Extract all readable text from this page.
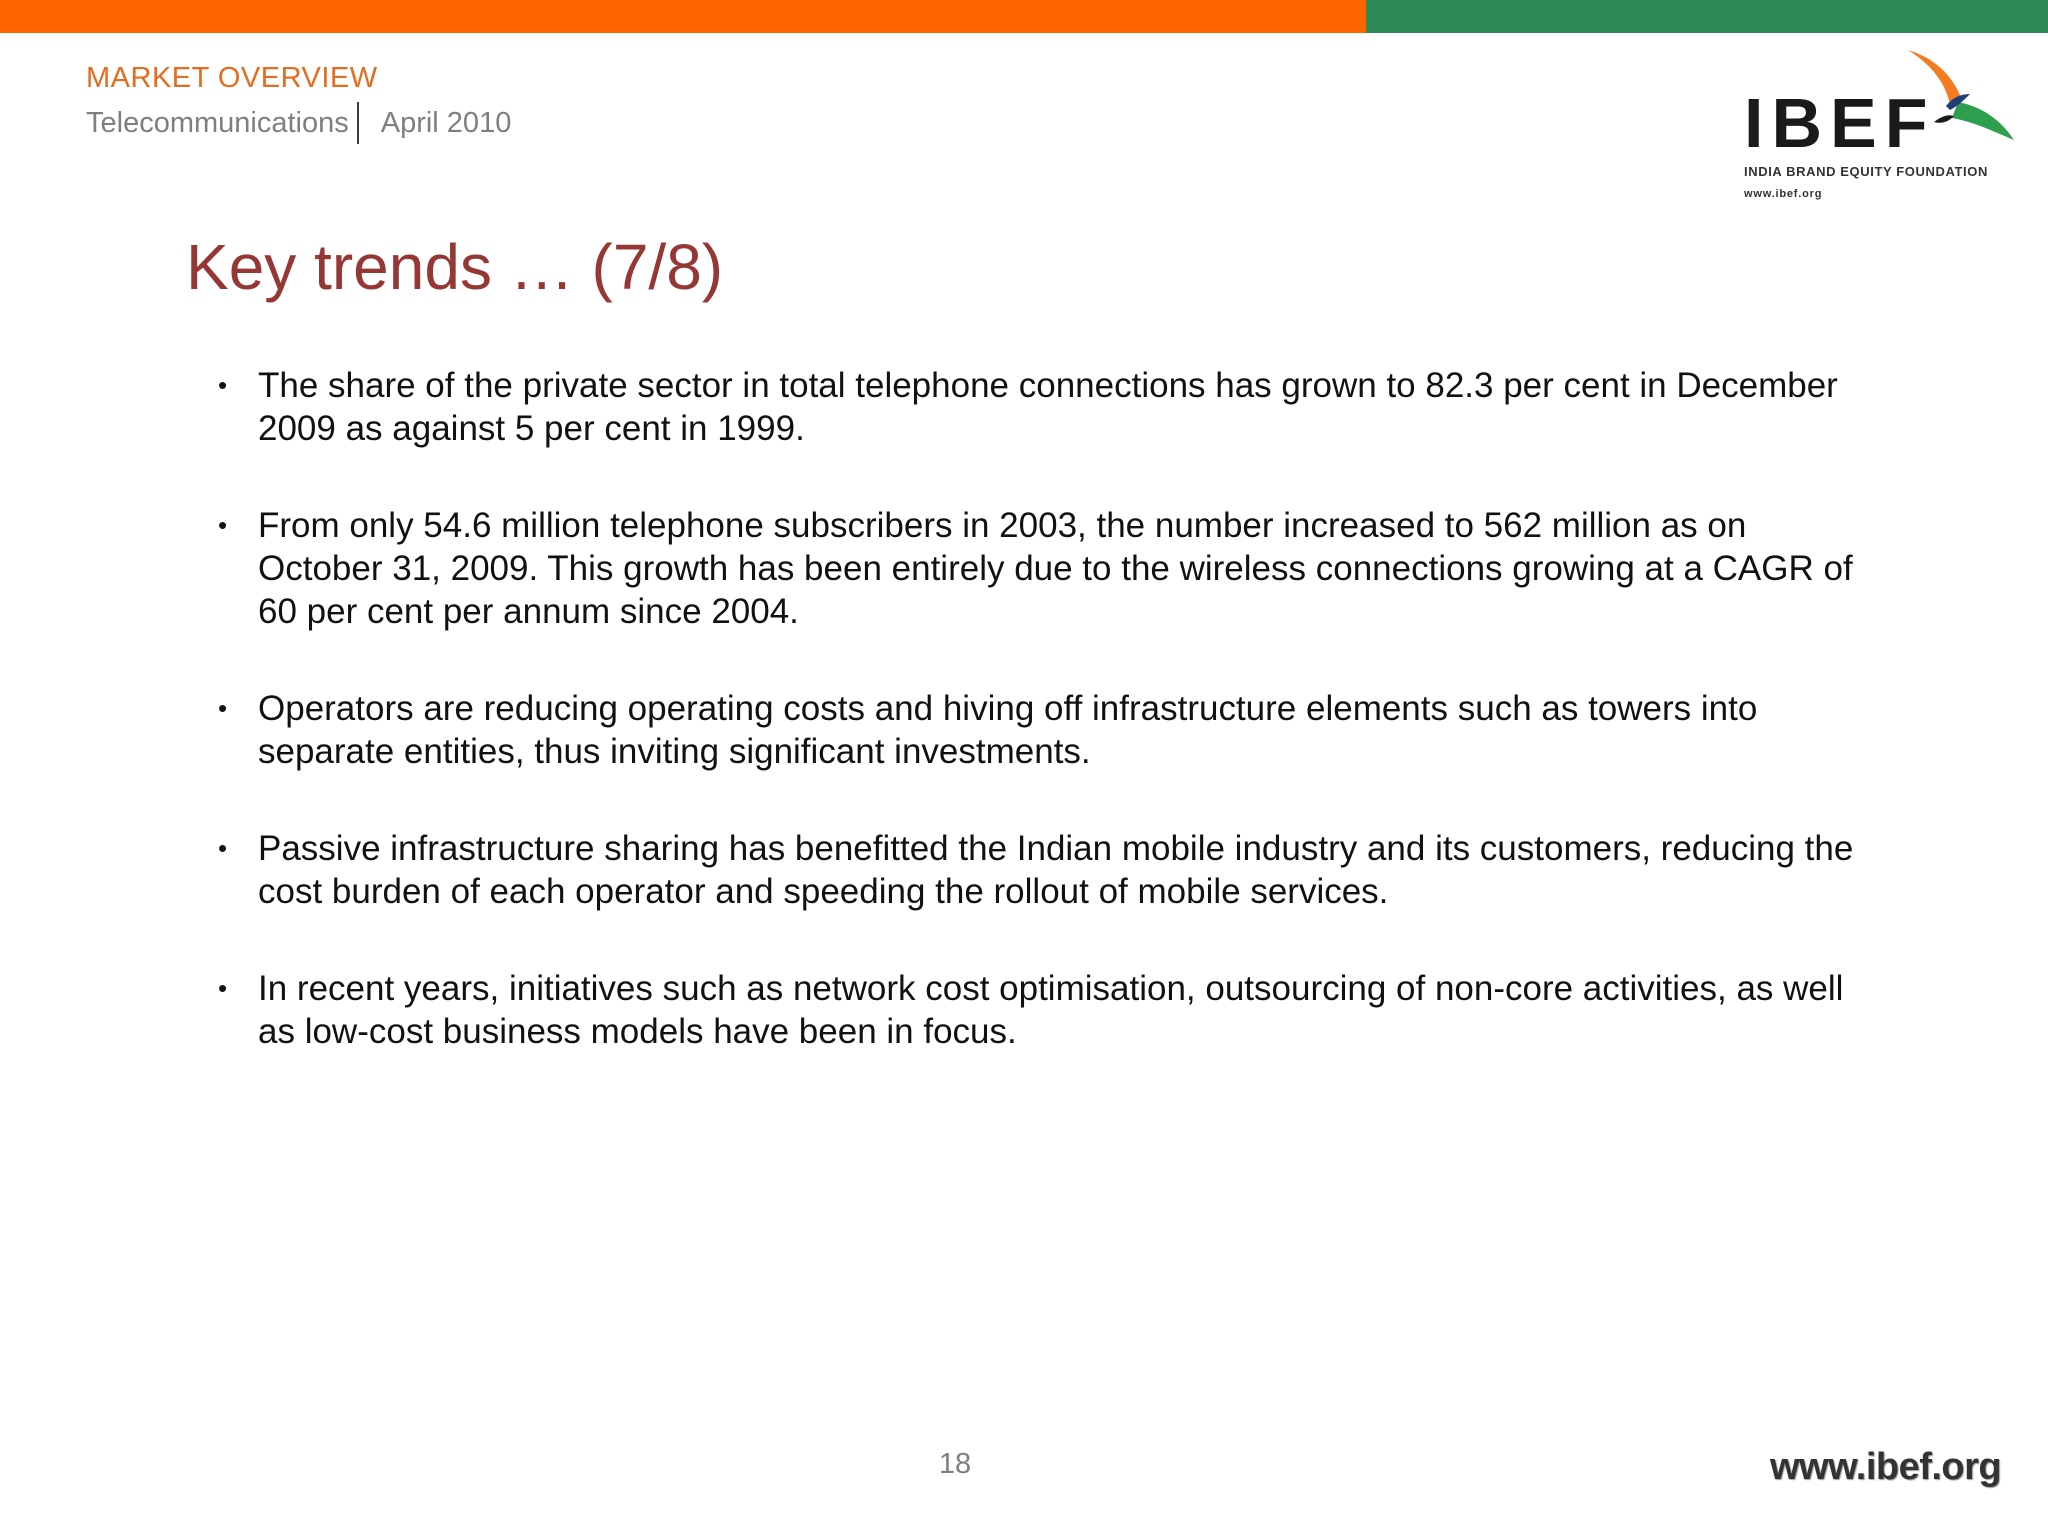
MARKET OVERVIEW
Telecommunications April 2010	IBEF
INDIA BRAND EQUITY FOUNDATION
www.ibef.org
Key trends … (7/8)
• The share of the private sector in total telephone connections has grown to 82.3 per cent in December 2009 as against 5 per cent in 1999.
• From only 54.6 million telephone subscribers in 2003, the number increased to 562 million as on October 31, 2009. This growth has been entirely due to the wireless connections growing at a CAGR of 60 per cent per annum since 2004.
• Operators are reducing operating costs and hiving off infrastructure elements such as towers into separate entities, thus inviting significant investments.
• Passive infrastructure sharing has benefitted the Indian mobile industry and its customers, reducing the cost burden of each operator and speeding the rollout of mobile services.
• In recent years, initiatives such as network cost optimisation, outsourcing of non-core activities, as well as low-cost business models have been in focus.
18	www.ibef.org
